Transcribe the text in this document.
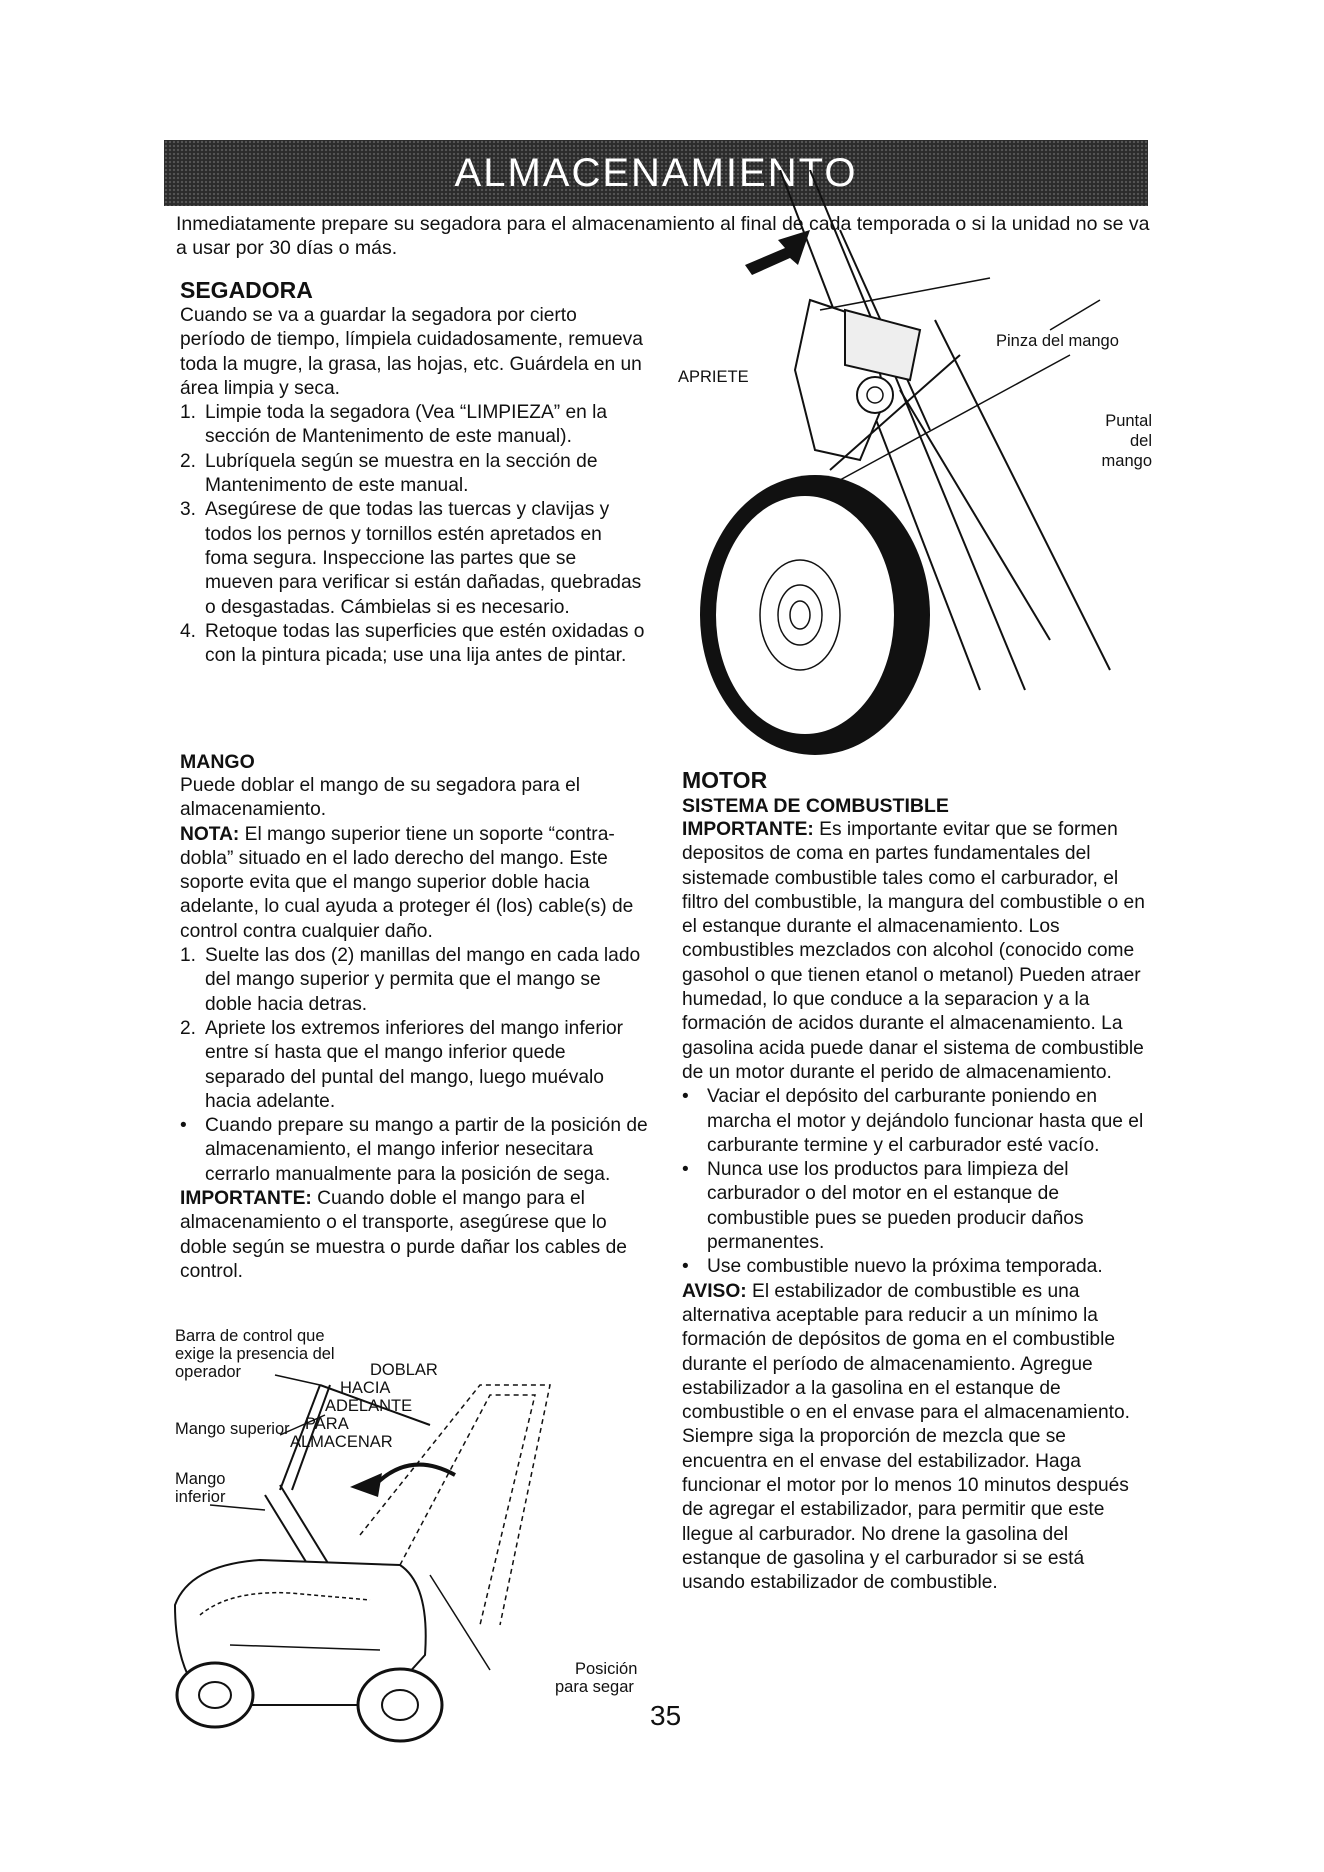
ALMACENAMIENTO
Inmediatamente prepare su segadora para el almacenamiento al final de cada temporada o si la unidad no se va a usar por 30 días o más.

SEGADORA

Cuando se va a guardar la segadora por cierto período de tiempo, límpiela cuidadosamente, remueva toda la mugre, la grasa, las hojas, etc. Guárdela en un área limpia y seca.

1. Limpie toda la segadora (Vea “LIMPIEZA” en la sección de Mantenimento de este manual).
2. Lubríquela según se muestra en la sección de Mantenimento de este manual.
3. Asegúrese de que todas las tuercas y clavijas y todos los pernos y tornillos estén apretados en foma segura. Inspeccione las partes que se mueven para verificar si están dañadas, quebradas o desgastadas. Cámbielas si es necesario.
4. Retoque todas las superficies que estén oxidadas o con la pintura picada; use una lija antes de pintar.

MANGO

Puede doblar el mango de su segadora para el almacenamiento.

NOTA: El mango superior tiene un soporte “contra-dobla” situado en el lado derecho del mango. Este soporte evita que el mango superior doble hacia adelante, lo cual ayuda a proteger él (los) cable(s) de control contra cualquier daño.

1. Suelte las dos (2) manillas del mango en cada lado del mango superior y permita que el mango se doble hacia detras.
2. Apriete los extremos inferiores del mango inferior entre sí hasta que el mango inferior quede separado del puntal del mango, luego muévalo hacia adelante.
• Cuando prepare su mango a partir de la posición de almacenamiento, el mango inferior nesecitara cerrarlo manualmente para la posición de sega.

IMPORTANTE: Cuando doble el mango para el almacenamiento o el transporte, asegúrese que lo doble según se muestra o purde dañar los cables de control.

APRIETE
Pinza del mango
Puntal
del
mango
Barra de control que
exige la presencia del
operador
Mango superior
Mango
inferior
DOBLAR
HACIA
ADELANTE
PARA
ALMACENAR
Posición
para segar

MOTOR

SISTEMA DE COMBUSTIBLE

IMPORTANTE: Es importante evitar que se formen depositos de coma en partes fundamentales del sistemade combustible tales como el carburador, el filtro del combustible, la mangura del combustible o en el estanque durante el almacenamiento. Los combustibles mezclados con alcohol (conocido come gasohol o que tienen etanol o metanol) Pueden atraer humedad, lo que conduce a la separacion y a la formación de acidos durante el almacenamiento. La gasolina acida puede danar el sistema de combustible de un motor durante el perido de almacenamiento.

• Vaciar el depósito del carburante poniendo en marcha el motor y dejándolo funcionar hasta que el carburante termine y el carburador esté vacío.
• Nunca use los productos para limpieza del carburador o del motor en el estanque de combustible pues se pueden producir daños permanentes.
• Use combustible nuevo la próxima temporada.

AVISO: El estabilizador de combustible es una alternativa aceptable para reducir a un mínimo la formación de depósitos de goma en el combustible durante el período de almacenamiento. Agregue estabilizador a la gasolina en el estanque de combustible o en el envase para el almacenamiento. Siempre siga la proporción de mezcla que se encuentra en el envase del estabilizador. Haga funcionar el motor por lo menos 10 minutos después de agregar el estabilizador, para permitir que este llegue al carburador. No drene la gasolina del estanque de gasolina y el carburador si se está usando estabilizador de combustible.

35
